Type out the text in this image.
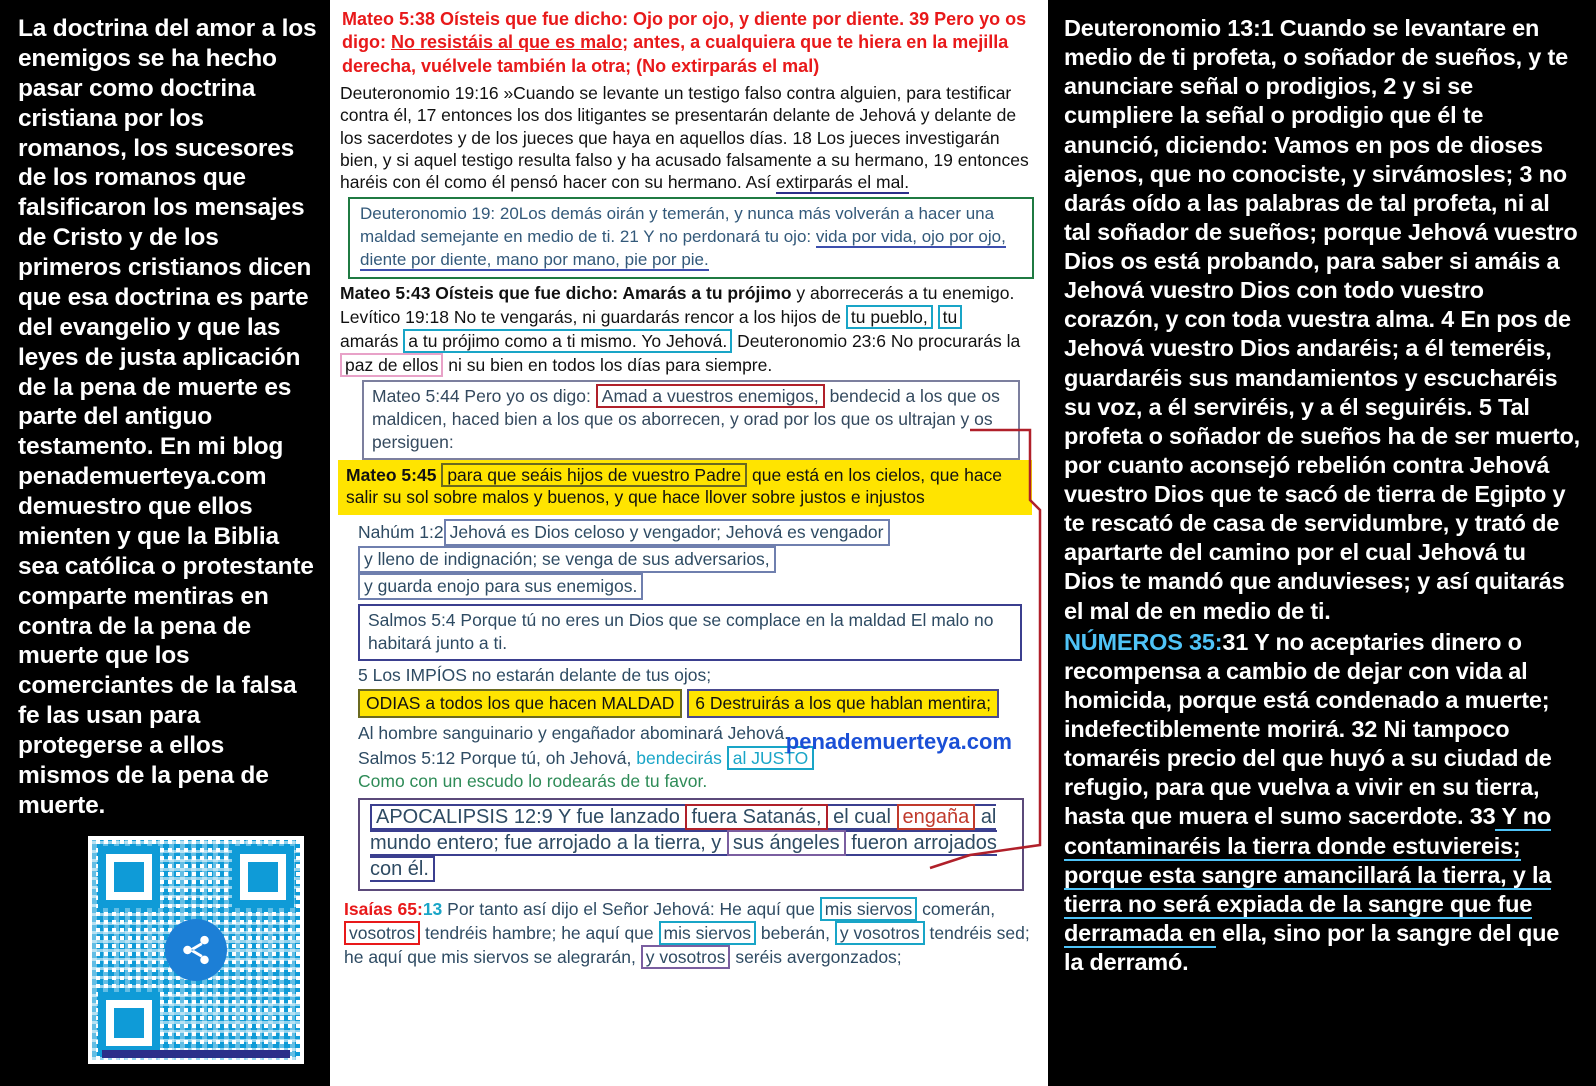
La doctrina del amor a los enemigos se ha hecho pasar como doctrina cristiana por los romanos, los sucesores de los romanos que falsificaron los mensajes de Cristo y de los primeros cristianos dicen que esa doctrina es parte del evangelio y que las leyes de justa aplicación de la pena de muerte es parte del antiguo testamento. En mi blog penademuerteya.com demuestro que ellos mienten y que la Biblia sea católica o protestante comparte mentiras en contra de la pena de muerte que los comerciantes de la falsa fe las usan para protegerse a ellos mismos de la pena de muerte.

Mateo 5:38 Oísteis que fue dicho: Ojo por ojo, y diente por diente. 39 Pero yo os digo: No resistáis al que es malo; antes, a cualquiera que te hiera en la mejilla derecha, vuélvele también la otra; (No extirparás el mal)

Deuteronomio 19:16 »Cuando se levante un testigo falso contra alguien, para testificar contra él, 17 entonces los dos litigantes se presentarán delante de Jehová y delante de los sacerdotes y de los jueces que haya en aquellos días. 18 Los jueces investigarán bien, y si aquel testigo resulta falso y ha acusado falsamente a su hermano, 19 entonces haréis con él como él pensó hacer con su hermano. Así extirparás el mal.

Deuteronomio 19: 20Los demás oirán y temerán, y nunca más volverán a hacer una maldad semejante en medio de ti. 21 Y no perdonará tu ojo: vida por vida, ojo por ojo, diente por diente, mano por mano, pie por pie.

Mateo 5:43 Oísteis que fue dicho: Amarás a tu prójimo y aborrecerás a tu enemigo.

Levítico 19:18 No te vengarás, ni guardarás rencor a los hijos de tu pueblo, tu

amarás a tu prójimo como a ti mismo. Yo Jehová. Deuteronomio 23:6 No procurarás la

paz de ellos ni su bien en todos los días para siempre.

Mateo 5:44 Pero yo os digo: Amad a vuestros enemigos, bendecid a los que os maldicen, haced bien a los que os aborrecen, y orad por los que os ultrajan y os persiguen:
Mateo 5:45 para que seáis hijos de vuestro Padre que está en los cielos, que hace salir su sol sobre malos y buenos, y que hace llover sobre justos e injustos
Nahúm 1:2 Jehová es Dios celoso y vengador; Jehová es vengador
y lleno de indignación; se venga de sus adversarios,
y guarda enojo para sus enemigos.
Salmos 5:4 Porque tú no eres un Dios que se complace en la maldad El malo no habitará junto a ti.
5 Los IMPÍOS no estarán delante de tus ojos;
ODIAS a todos los que hacen MALDAD 6 Destruirás a los que hablan mentira;
penademuerteya.com
Al hombre sanguinario y engañador abominará Jehová.
Salmos 5:12 Porque tú, oh Jehová, bendecirás al JUSTO
Como con un escudo lo rodearás de tu favor.
APOCALIPSIS 12:9 Y fue lanzado fuera Satanás, el cual engaña al mundo entero; fue arrojado a la tierra, y sus ángeles fueron arrojados con él.
Isaías 65:13 Por tanto así dijo el Señor Jehová: He aquí que mis siervos comerán, vosotros tendréis hambre; he aquí que mis siervos beberán, y vosotros tendréis sed; he aquí que mis siervos se alegrarán, y vosotros seréis avergonzados;

Deuteronomio 13:1 Cuando se levantare en medio de ti profeta, o soñador de sueños, y te anunciare señal o prodigios, 2 y si se cumpliere la señal o prodigio que él te anunció, diciendo: Vamos en pos de dioses ajenos, que no conociste, y sirvámosles; 3 no darás oído a las palabras de tal profeta, ni al tal soñador de sueños; porque Jehová vuestro Dios os está probando, para saber si amáis a Jehová vuestro Dios con todo vuestro corazón, y con toda vuestra alma. 4 En pos de Jehová vuestro Dios andaréis; a él temeréis, guardaréis sus mandamientos y escucharéis su voz, a él serviréis, y a él seguiréis. 5 Tal profeta o soñador de sueños ha de ser muerto, por cuanto aconsejó rebelión contra Jehová vuestro Dios que te sacó de tierra de Egipto y te rescató de casa de servidumbre, y trató de apartarte del camino por el cual Jehová tu Dios te mandó que anduvieses; y así quitarás el mal de en medio de ti.

NÚMEROS 35:31 Y no aceptaries dinero o recompensa a cambio de dejar con vida al homicida, porque está condenado a muerte; indefectiblemente morirá. 32 Ni tampoco tomaréis precio del que huyó a su ciudad de refugio, para que vuelva a vivir en su tierra, hasta que muera el sumo sacerdote. 33 Y no contaminaréis la tierra donde estuviereis; porque esta sangre amancillará la tierra, y la tierra no será expiada de la sangre que fue derramada en ella, sino por la sangre del que la derramó.
